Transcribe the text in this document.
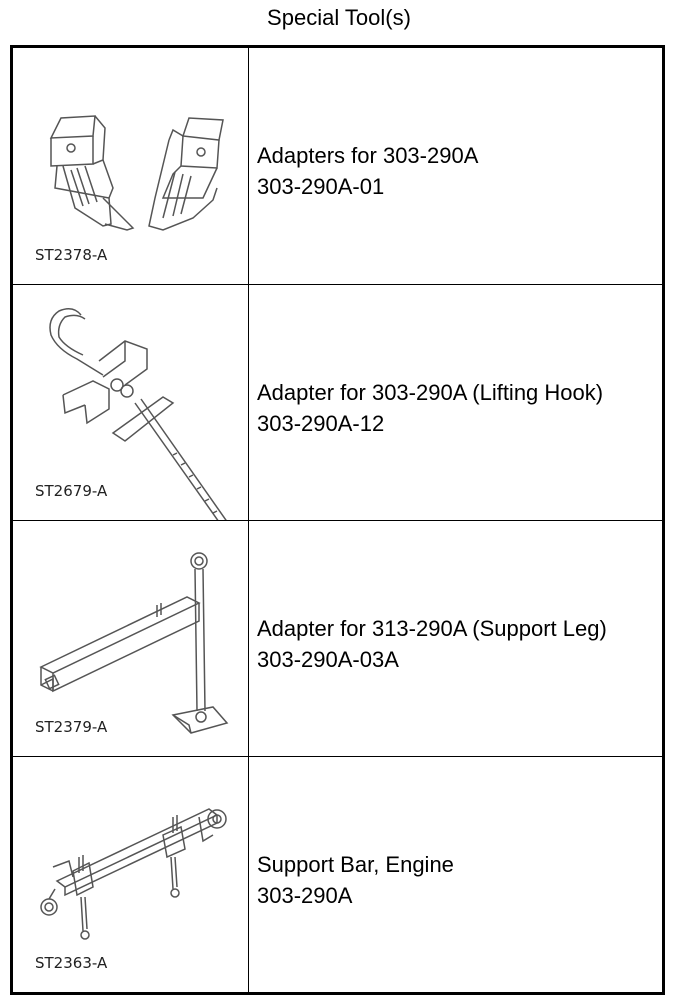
Special Tool(s)
ST2378-A
Adapters for 303-290A
303-290A-01
ST2679-A
Adapter for 303-290A (Lifting Hook)
303-290A-12
ST2379-A
Adapter for 313-290A (Support Leg)
303-290A-03A
ST2363-A
Support Bar, Engine
303-290A
